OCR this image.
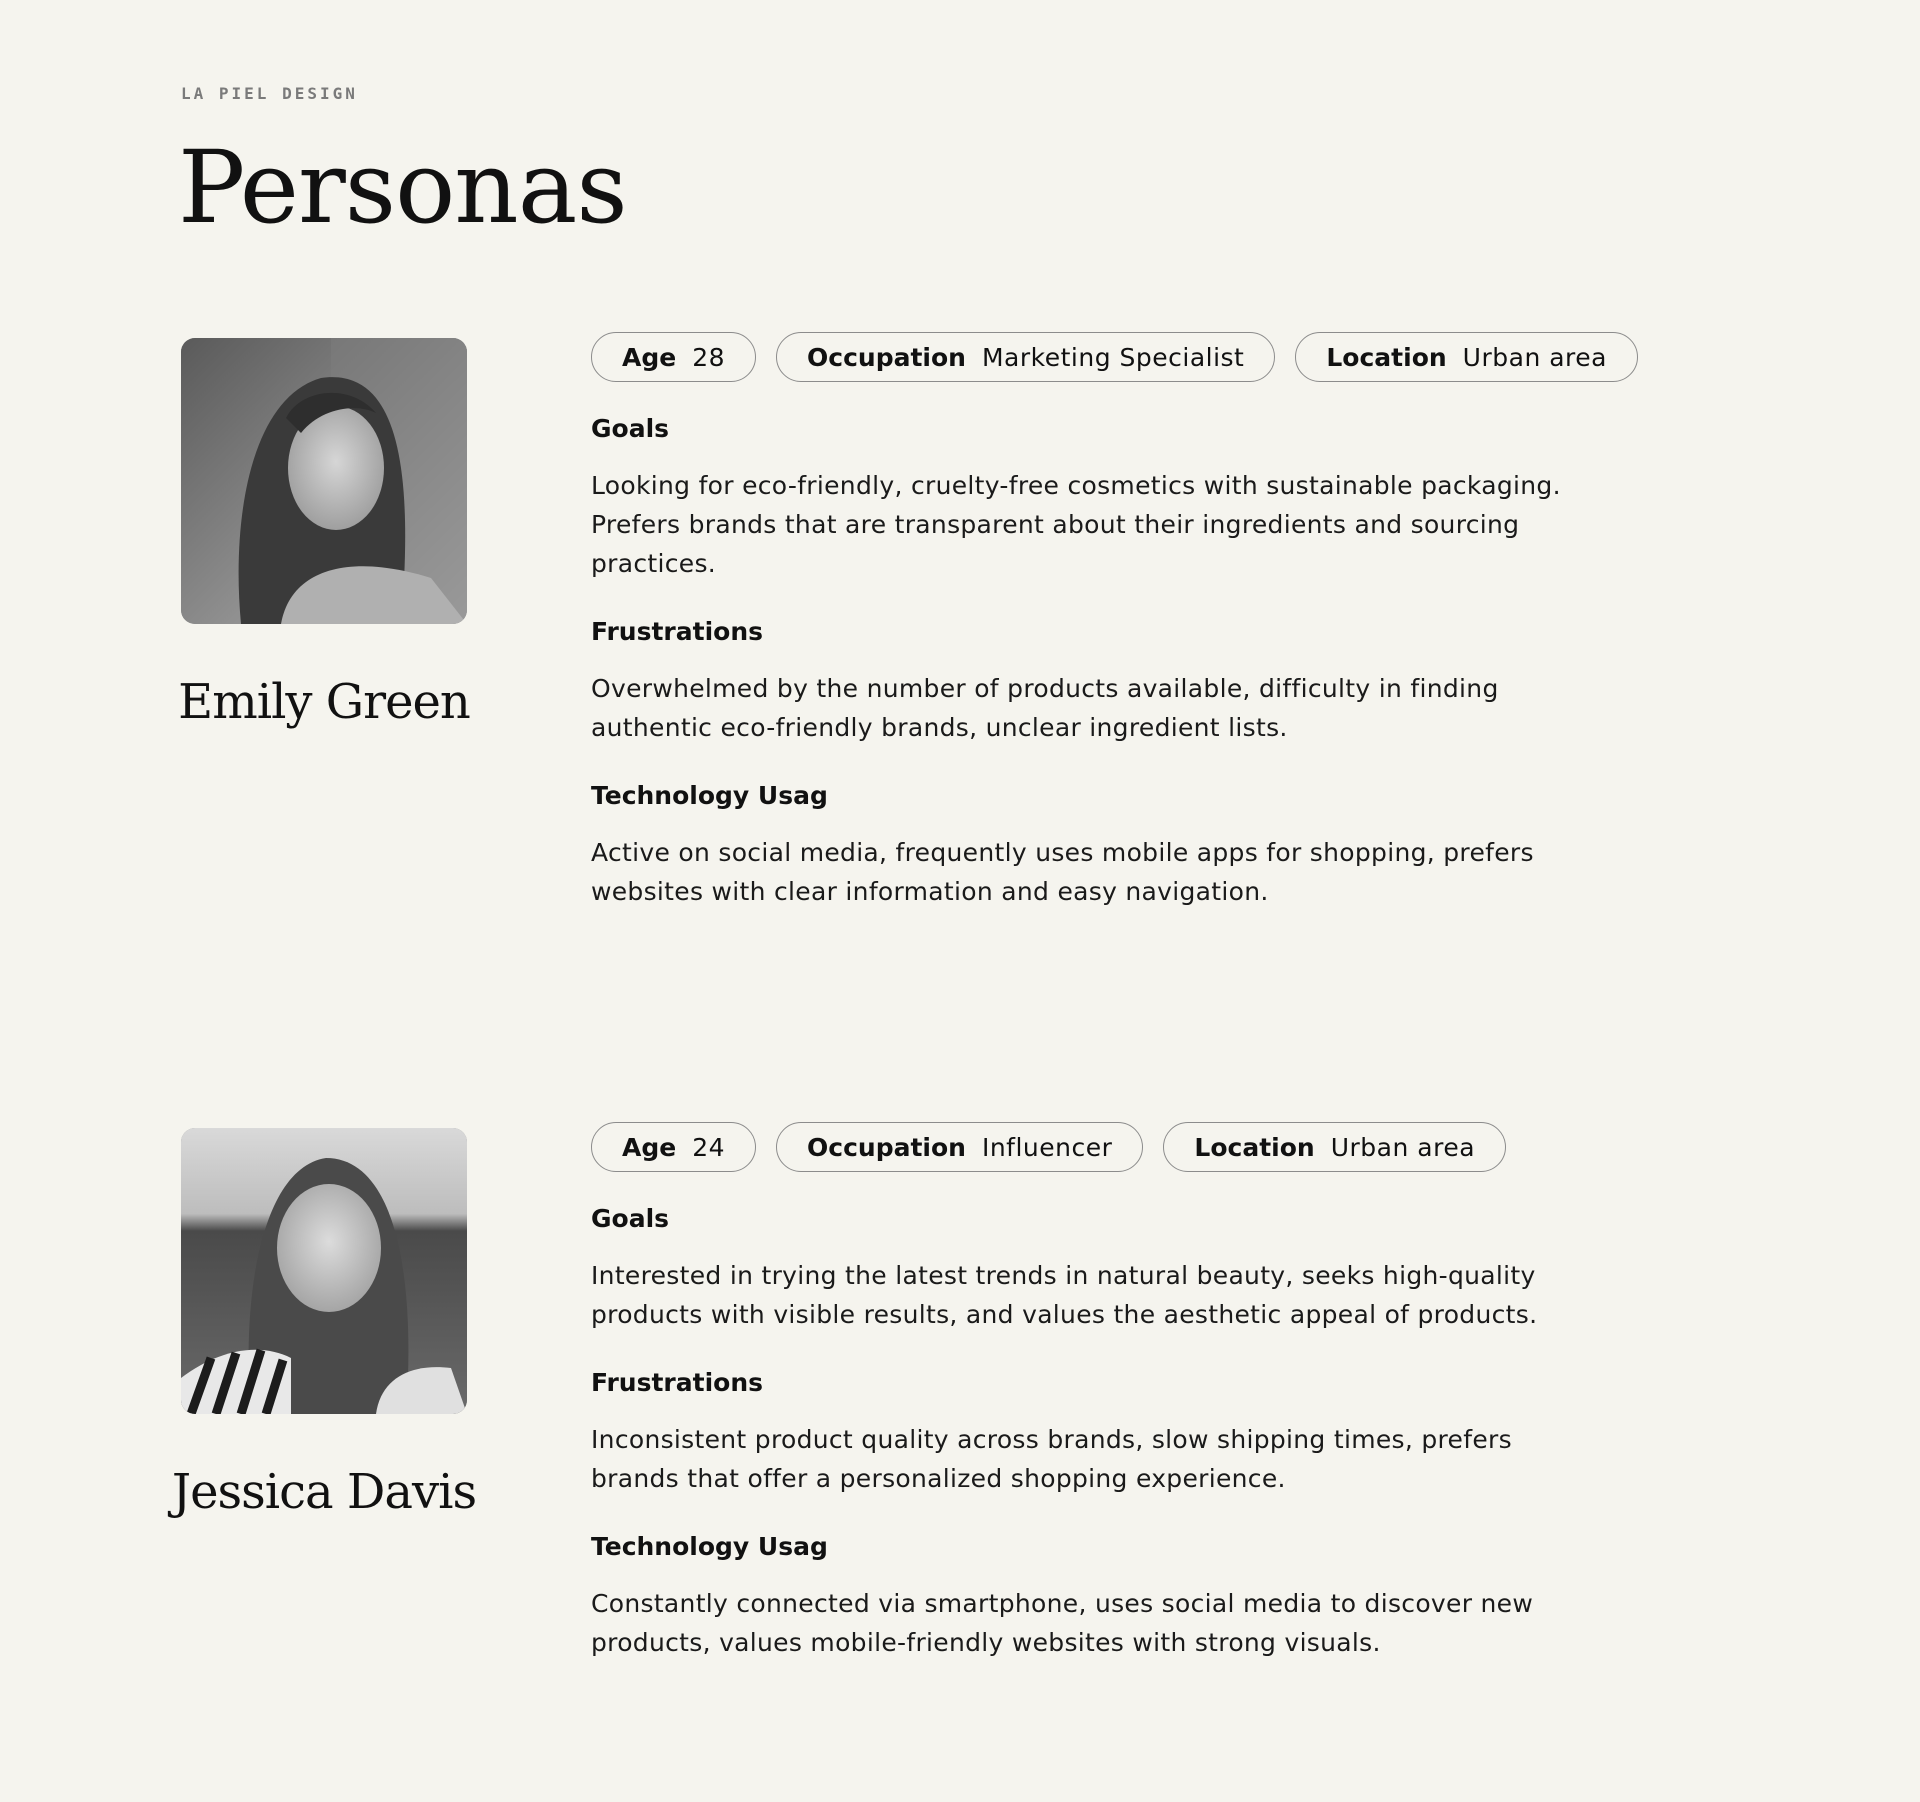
LA PIEL DESIGN

Personas
Emily Green
Age 28	Occupation Marketing Specialist	Location Urban area
Goals

Looking for eco-friendly, cruelty-free cosmetics with sustainable packaging. Prefers brands that are transparent about their ingredients and sourcing practices.

Frustrations

Overwhelmed by the number of products available, difficulty in finding authentic eco-friendly brands, unclear ingredient lists.

Technology Usag

Active on social media, frequently uses mobile apps for shopping, prefers websites with clear information and easy navigation.

Jessica Davis
Age 24	Occupation Influencer	Location Urban area
Goals

Interested in trying the latest trends in natural beauty, seeks high-quality products with visible results, and values the aesthetic appeal of products.

Frustrations

Inconsistent product quality across brands, slow shipping times, prefers brands that offer a personalized shopping experience.

Technology Usag

Constantly connected via smartphone, uses social media to discover new products, values mobile-friendly websites with strong visuals.
